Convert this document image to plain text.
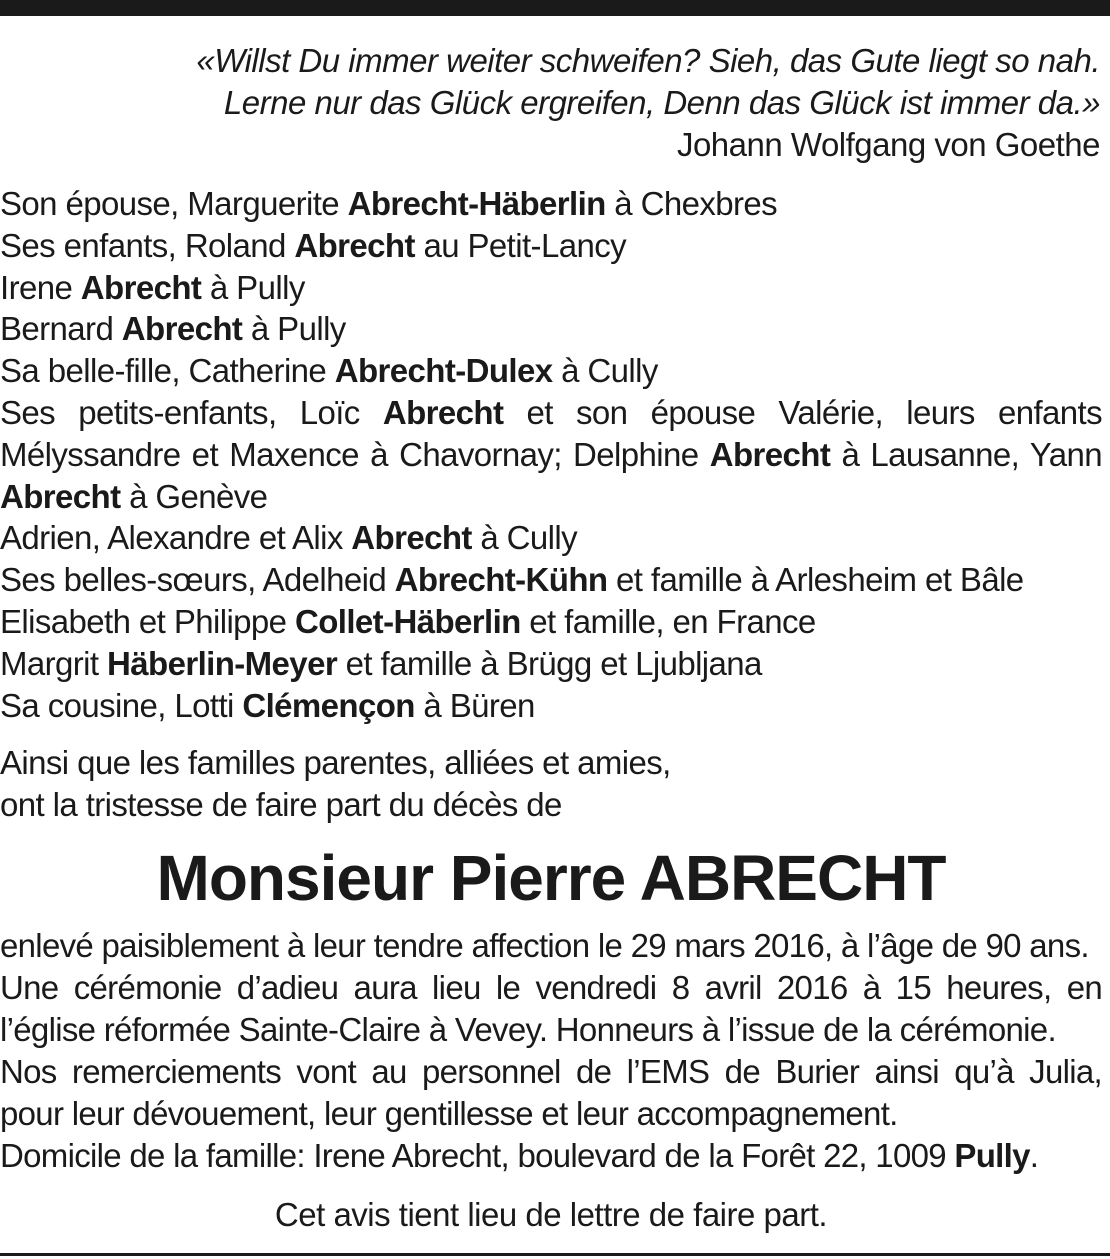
«Willst Du immer weiter schweifen? Sieh, das Gute liegt so nah.
Lerne nur das Glück ergreifen, Denn das Glück ist immer da.»
Johann Wolfgang von Goethe
Son épouse, Marguerite Abrecht-Häberlin à Chexbres
Ses enfants, Roland Abrecht au Petit-Lancy
Irene Abrecht à Pully
Bernard Abrecht à Pully
Sa belle-fille, Catherine Abrecht-Dulex à Cully
Ses petits-enfants, Loïc Abrecht et son épouse Valérie, leurs enfants Mélyssandre et Maxence à Chavornay; Delphine Abrecht à Lausanne, Yann Abrecht à Genève
Adrien, Alexandre et Alix Abrecht à Cully
Ses belles-sœurs, Adelheid Abrecht-Kühn et famille à Arlesheim et Bâle
Elisabeth et Philippe Collet-Häberlin et famille, en France
Margrit Häberlin-Meyer et famille à Brügg et Ljubljana
Sa cousine, Lotti Clémençon à Büren
Ainsi que les familles parentes, alliées et amies,
ont la tristesse de faire part du décès de
Monsieur Pierre ABRECHT
enlevé paisiblement à leur tendre affection le 29 mars 2016, à l’âge de 90 ans.
Une cérémonie d’adieu aura lieu le vendredi 8 avril 2016 à 15 heures, en
l’église réformée Sainte-Claire à Vevey. Honneurs à l’issue de la cérémonie.
Nos remerciements vont au personnel de l’EMS de Burier ainsi qu’à Julia,
pour leur dévouement, leur gentillesse et leur accompagnement.
Domicile de la famille: Irene Abrecht, boulevard de la Forêt 22, 1009 Pully.
Cet avis tient lieu de lettre de faire part.
